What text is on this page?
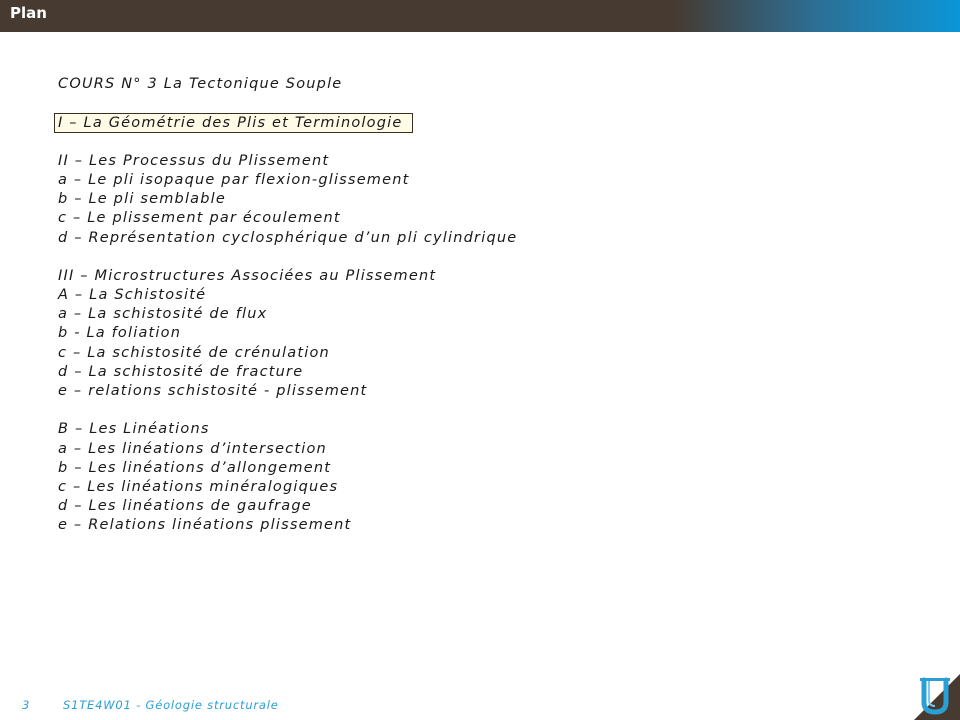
Plan
COURS N° 3 La Tectonique Souple
I – La Géométrie des Plis et Terminologie
II – Les Processus du Plissement
a – Le pli isopaque par flexion-glissement
b – Le pli semblable
c – Le plissement par écoulement
d – Représentation cyclosphérique d’un pli cylindrique
III – Microstructures Associées au Plissement
A – La Schistosité
a – La schistosité de flux
b - La foliation
c – La schistosité de crénulation
d – La schistosité de fracture
e – relations schistosité - plissement
B – Les Linéations
a – Les linéations d’intersection
b – Les linéations d’allongement
c – Les linéations minéralogiques
d – Les linéations de gaufrage
e – Relations linéations plissement
3	S1TE4W01 - Géologie structurale
